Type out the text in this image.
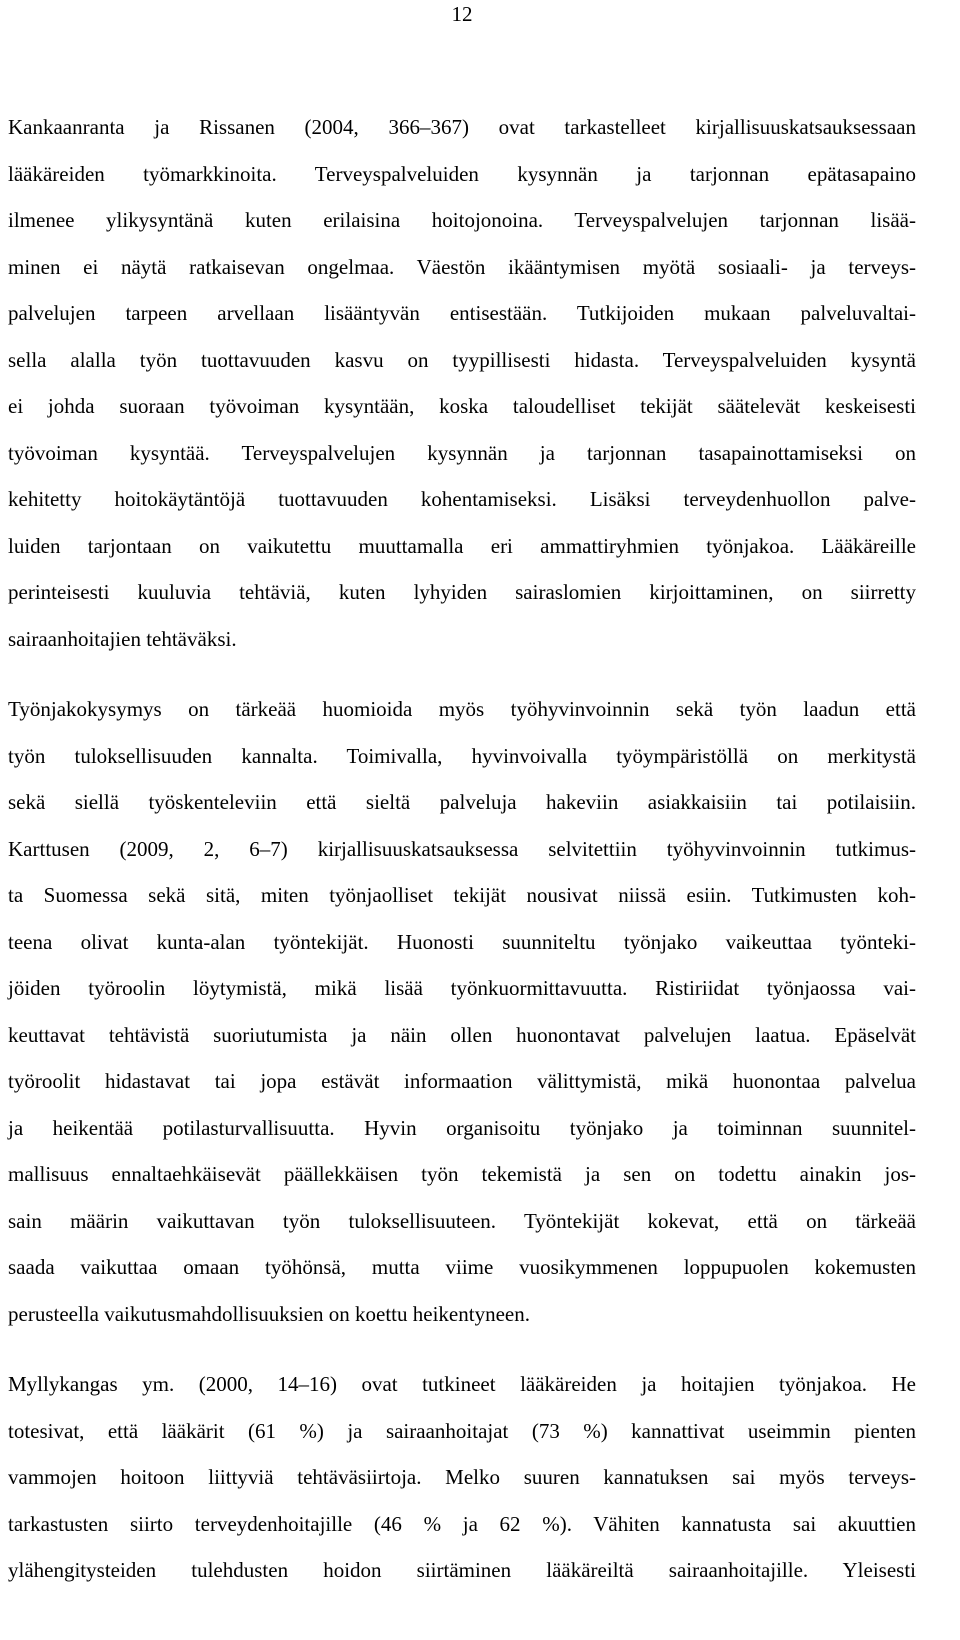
12
Kankaanranta ja Rissanen (2004, 366–367) ovat tarkastelleet kirjallisuuskatsauksessaan
lääkäreiden työmarkkinoita. Terveyspalveluiden kysynnän ja tarjonnan epätasapaino
ilmenee ylikysyntänä kuten erilaisina hoitojonoina. Terveyspalvelujen tarjonnan lisää-
minen ei näytä ratkaisevan ongelmaa. Väestön ikääntymisen myötä sosiaali- ja terveys-
palvelujen tarpeen arvellaan lisääntyvän entisestään. Tutkijoiden mukaan palveluvaltai-
sella alalla työn tuottavuuden kasvu on tyypillisesti hidasta. Terveyspalveluiden kysyntä
ei johda suoraan työvoiman kysyntään, koska taloudelliset tekijät säätelevät keskeisesti
työvoiman kysyntää. Terveyspalvelujen kysynnän ja tarjonnan tasapainottamiseksi on
kehitetty hoitokäytäntöjä tuottavuuden kohentamiseksi. Lisäksi terveydenhuollon palve-
luiden tarjontaan on vaikutettu muuttamalla eri ammattiryhmien työnjakoa. Lääkäreille
perinteisesti kuuluvia tehtäviä, kuten lyhyiden sairaslomien kirjoittaminen, on siirretty
sairaanhoitajien tehtäväksi.
Työnjakokysymys on tärkeää huomioida myös työhyvinvoinnin sekä työn laadun että
työn tuloksellisuuden kannalta. Toimivalla, hyvinvoivalla työympäristöllä on merkitystä
sekä siellä työskenteleviin että sieltä palveluja hakeviin asiakkaisiin tai potilaisiin.
Karttusen (2009, 2, 6–7) kirjallisuuskatsauksessa selvitettiin työhyvinvoinnin tutkimus-
ta Suomessa sekä sitä, miten työnjaolliset tekijät nousivat niissä esiin. Tutkimusten koh-
teena olivat kunta-alan työntekijät. Huonosti suunniteltu työnjako vaikeuttaa työnteki-
jöiden työroolin löytymistä, mikä lisää työnkuormittavuutta. Ristiriidat työnjaossa vai-
keuttavat tehtävistä suoriutumista ja näin ollen huonontavat palvelujen laatua. Epäselvät
työroolit hidastavat tai jopa estävät informaation välittymistä, mikä huonontaa palvelua
ja heikentää potilasturvallisuutta. Hyvin organisoitu työnjako ja toiminnan suunnitel-
mallisuus ennaltaehkäisevät päällekkäisen työn tekemistä ja sen on todettu ainakin jos-
sain määrin vaikuttavan työn tuloksellisuuteen. Työntekijät kokevat, että on tärkeää
saada vaikuttaa omaan työhönsä, mutta viime vuosikymmenen loppupuolen kokemusten
perusteella vaikutusmahdollisuuksien on koettu heikentyneen.
Myllykangas ym. (2000, 14–16) ovat tutkineet lääkäreiden ja hoitajien työnjakoa. He
totesivat, että lääkärit (61 %) ja sairaanhoitajat (73 %) kannattivat useimmin pienten
vammojen hoitoon liittyviä tehtäväsiirtoja. Melko suuren kannatuksen sai myös terveys-
tarkastusten siirto terveydenhoitajille (46 % ja 62 %). Vähiten kannatusta sai akuuttien
ylähengitysteiden tulehdusten hoidon siirtäminen lääkäreiltä sairaanhoitajille. Yleisesti
